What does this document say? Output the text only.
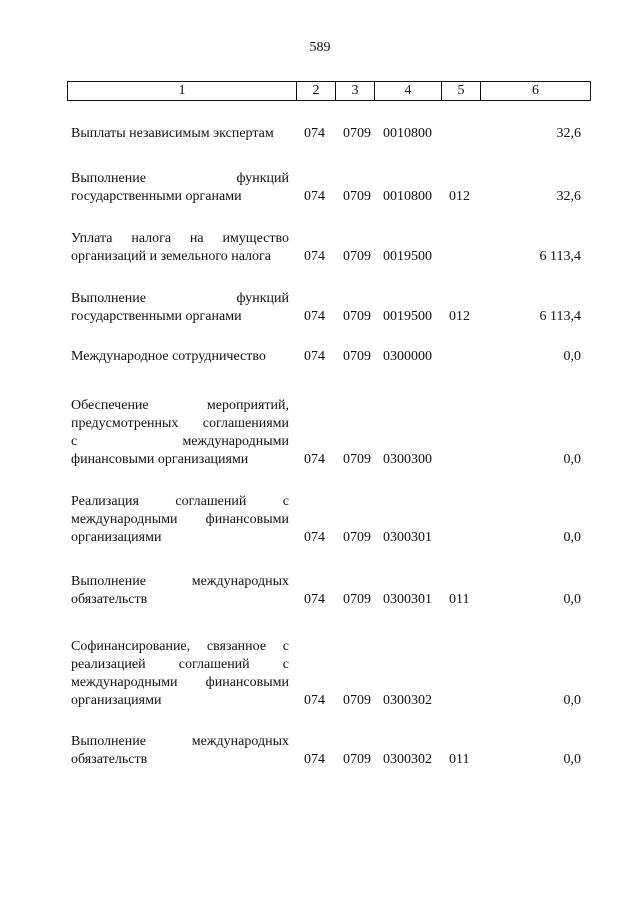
589
1	2	3	4	5	6
Выплаты независимым экспертам	074 0709 0010800	32,6
Выполнение функций
государственными органами	074 0709 0010800 012	32,6
Уплата налога на имущество
организаций и земельного налога	074 0709 0019500	6 113,4
Выполнение функций
государственными органами	074 0709 0019500 012	6 113,4
Международное сотрудничество	074 0709 0300000	0,0
Обеспечение мероприятий,
предусмотренных соглашениями
с международными
финансовыми организациями	074 0709 0300300	0,0
Реализация соглашений с
международными финансовыми
организациями	074 0709 0300301	0,0
Выполнение международных
обязательств	074 0709 0300301 011	0,0
Софинансирование, связанное с
реализацией соглашений с
международными финансовыми
организациями	074 0709 0300302	0,0
Выполнение международных
обязательств	074 0709 0300302 011	0,0
